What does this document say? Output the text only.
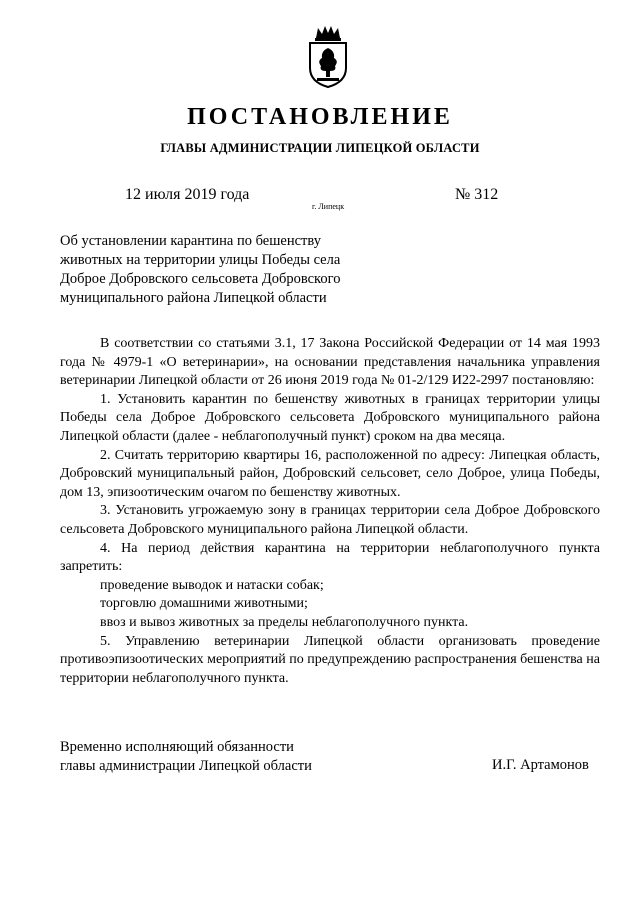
ПОСТАНОВЛЕНИЕ
ГЛАВЫ АДМИНИСТРАЦИИ ЛИПЕЦКОЙ ОБЛАСТИ
12 июля 2019 года
г. Липецк
№ 312
Об установлении карантина по бешенству
животных на территории улицы Победы села
Доброе Добровского сельсовета Добровского
муниципального района Липецкой области

В соответствии со статьями 3.1, 17 Закона Российской Федерации от 14 мая 1993 года № 4979-1 «О ветеринарии», на основании представления начальника управления ветеринарии Липецкой области от 26 июня 2019 года № 01-2/129 И22-2997 постановляю:

1. Установить карантин по бешенству животных в границах территории улицы Победы села Доброе Добровского сельсовета Добровского муниципального района Липецкой области (далее - неблагополучный пункт) сроком на два месяца.

2. Считать территорию квартиры 16, расположенной по адресу: Липецкая область, Добровский муниципальный район, Добровский сельсовет, село Доброе, улица Победы, дом 13, эпизоотическим очагом по бешенству животных.

3. Установить угрожаемую зону в границах территории села Доброе Добровского сельсовета Добровского муниципального района Липецкой области.

4. На период действия карантина на территории неблагополучного пункта запретить:

проведение выводок и натаски собак;

торговлю домашними животными;

ввоз и вывоз животных за пределы неблагополучного пункта.

5. Управлению ветеринарии Липецкой области организовать проведение противоэпизоотических мероприятий по предупреждению распространения бешенства на территории неблагополучного пункта.

Временно исполняющий обязанности
главы администрации Липецкой области	И.Г. Артамонов
